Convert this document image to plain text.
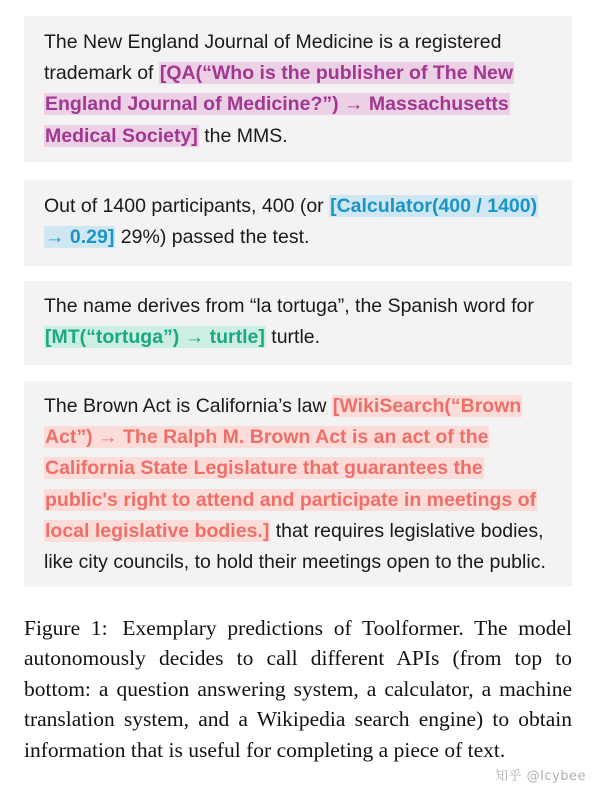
The New England Journal of Medicine is a registered trademark of [QA(“Who is the publisher of The New England Journal of Medicine?”) → Massachusetts Medical Society] the MMS.
Out of 1400 participants, 400 (or [Calculator(400 / 1400) → 0.29] 29%) passed the test.
The name derives from “la tortuga”, the Spanish word for [MT(“tortuga”) → turtle] turtle.
The Brown Act is California’s law [WikiSearch(“Brown Act”) → The Ralph M. Brown Act is an act of the California State Legislature that guarantees the public's right to attend and participate in meetings of local legislative bodies.] that requires legislative bodies, like city councils, to hold their meetings open to the public.
Figure 1: Exemplary predictions of Toolformer. The model autonomously decides to call different APIs (from top to bottom: a question answering system, a calculator, a machine translation system, and a Wikipedia search engine) to obtain information that is useful for completing a piece of text.
知乎 @Icybee
